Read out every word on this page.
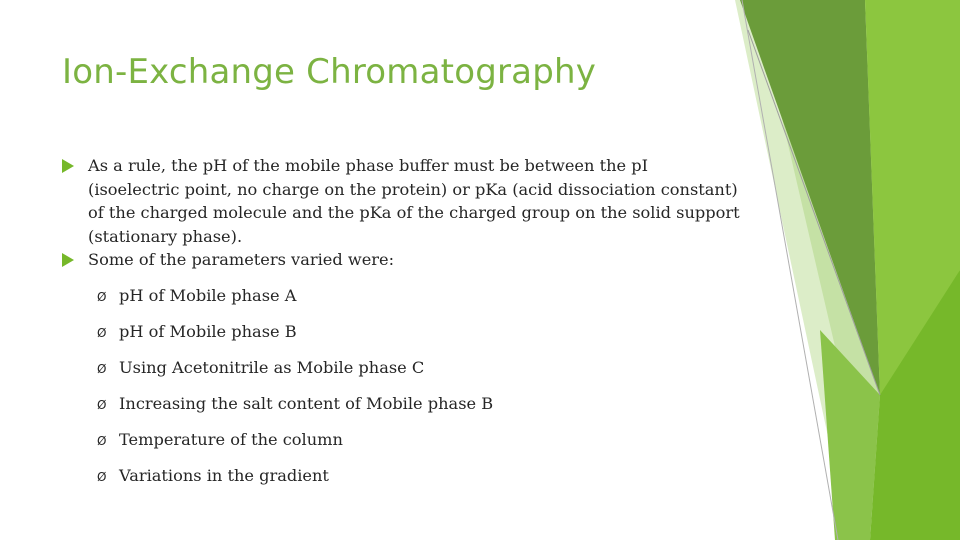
Ion-Exchange Chromatography
As a rule, the pH of the mobile phase buffer must be between the pI (isoelectric point, no charge on the protein) or pKa (acid dissociation constant) of the charged molecule and the pKa of the charged group on the solid support (stationary phase).
Some of the parameters varied were:
Ø pH of Mobile phase A
Ø pH of Mobile phase B
Ø Using Acetonitrile as Mobile phase C
Ø Increasing the salt content of Mobile phase B
Ø Temperature of the column
Ø Variations in the gradient
